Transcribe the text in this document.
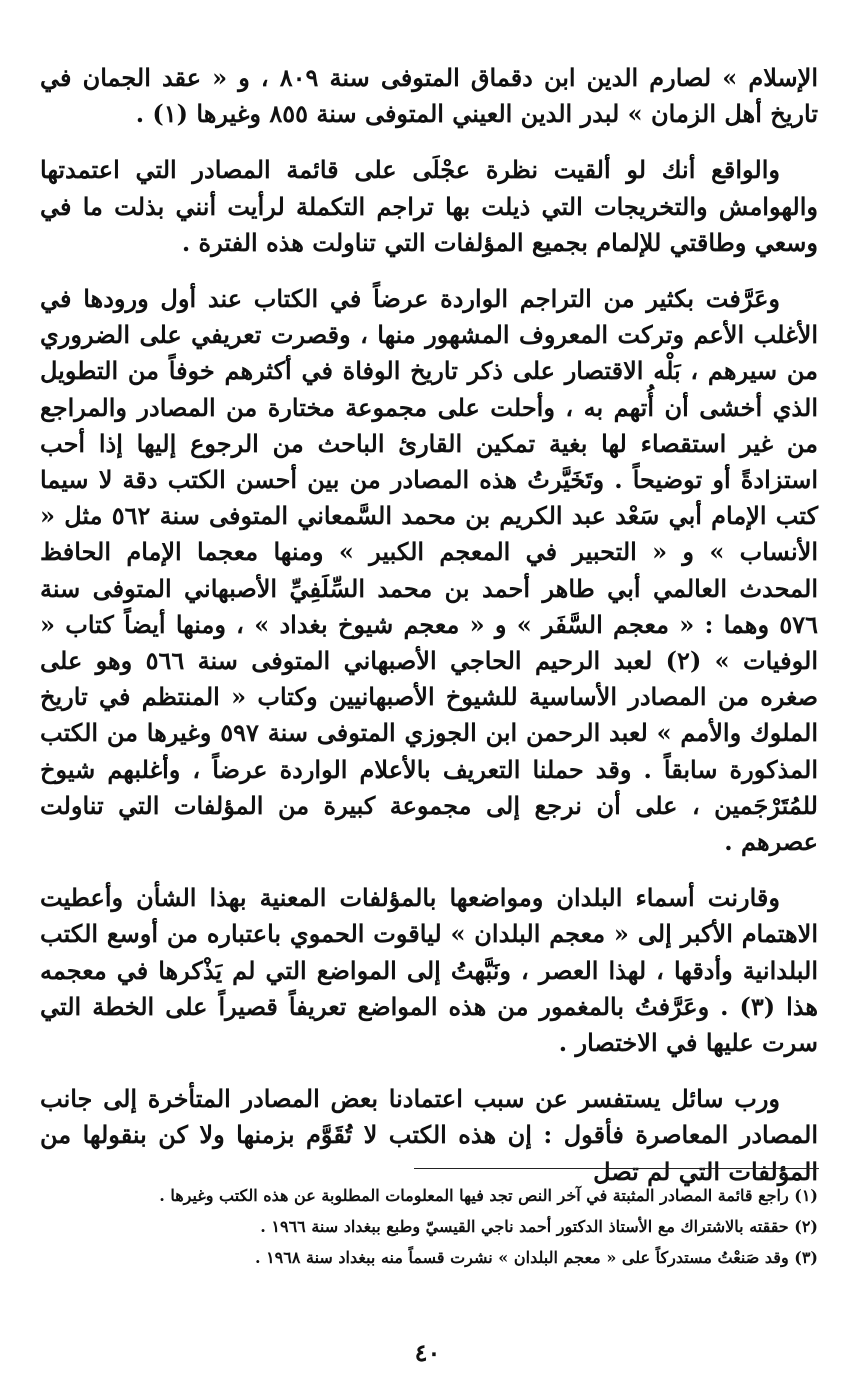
الإسلام » لصارم الدين ابن دقماق المتوفى سنة ٨٠٩ ، و « عقد الجمان في تاريخ أهل الزمان » لبدر الدين العيني المتوفى سنة ٨٥٥ وغيرها (١) .

والواقع أنك لو ألقيت نظرة عجْلَى على قائمة المصادر التي اعتمدتها والهوامش والتخريجات التي ذيلت بها تراجم التكملة لرأيت أنني بذلت ما في وسعي وطاقتي للإلمام بجميع المؤلفات التي تناولت هذه الفترة .

وعَرَّفت بكثير من التراجم الواردة عرضاً في الكتاب عند أول ورودها في الأغلب الأعم وتركت المعروف المشهور منها ، وقصرت تعريفي على الضروري من سيرهم ، بَلْه الاقتصار على ذكر تاريخ الوفاة في أكثرهم خوفاً من التطويل الذي أخشى أن أُتهم به ، وأحلت على مجموعة مختارة من المصادر والمراجع من غير استقصاء لها بغية تمكين القارئ الباحث من الرجوع إليها إذا أحب استزادةً أو توضيحاً . وتَخَيَّرتُ هذه المصادر من بين أحسن الكتب دقة لا سيما كتب الإمام أبي سَعْد عبد الكريم بن محمد السَّمعاني المتوفى سنة ٥٦٢ مثل « الأنساب » و « التحبير في المعجم الكبير » ومنها معجما الإمام الحافظ المحدث العالمي أبي طاهر أحمد بن محمد السِّلَفِيِّ الأصبهاني المتوفى سنة ٥٧٦ وهما : « معجم السَّفَر » و « معجم شيوخ بغداد » ، ومنها أيضاً كتاب « الوفيات » (٢) لعبد الرحيم الحاجي الأصبهاني المتوفى سنة ٥٦٦ وهو على صغره من المصادر الأساسية للشيوخ الأصبهانيين وكتاب « المنتظم في تاريخ الملوك والأمم » لعبد الرحمن ابن الجوزي المتوفى سنة ٥٩٧ وغيرها من الكتب المذكورة سابقاً . وقد حملنا التعريف بالأعلام الواردة عرضاً ، وأغلبهم شيوخ للمُتَرْجَمين ، على أن نرجع إلى مجموعة كبيرة من المؤلفات التي تناولت عصرهم .

وقارنت أسماء البلدان ومواضعها بالمؤلفات المعنية بهذا الشأن وأعطيت الاهتمام الأكبر إلى « معجم البلدان » لياقوت الحموي باعتباره من أوسع الكتب البلدانية وأدقها ، لهذا العصر ، ونَبَّهتُ إلى المواضع التي لم يَذْكرها في معجمه هذا (٣) . وعَرَّفتُ بالمغمور من هذه المواضع تعريفاً قصيراً على الخطة التي سرت عليها في الاختصار .

ورب سائل يستفسر عن سبب اعتمادنا بعض المصادر المتأخرة إلى جانب المصادر المعاصرة فأقول : إن هذه الكتب لا تُقَوَّم بزمنها ولا كن بنقولها من المؤلفات التي لم تصل

(١) راجع قائمة المصادر المثبتة في آخر النص تجد فيها المعلومات المطلوبة عن هذه الكتب وغيرها .

(٢) حققته بالاشتراك مع الأستاذ الدكتور أحمد ناجي القيسيّ وطبع ببغداد سنة ١٩٦٦ .

(٣) وقد صَنعْتُ مستدركاً على « معجم البلدان » نشرت قسماً منه ببغداد سنة ١٩٦٨ .

٤٠
